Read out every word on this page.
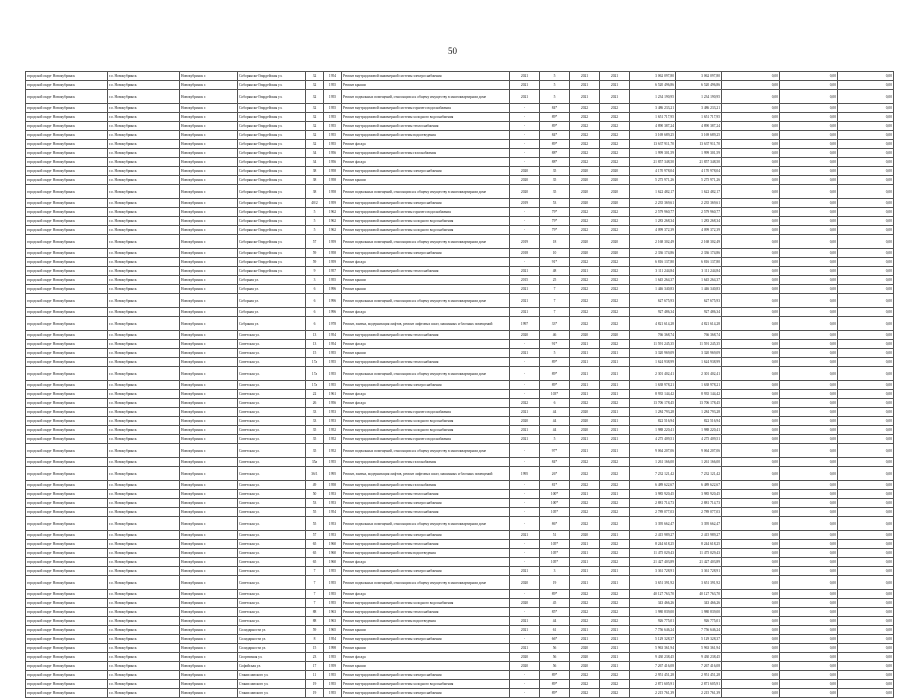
50
городской округ Новокубринск	г.о. Новокубринск	Новокубринск г.	Соборянско-Гвардейская ул.	32	1954	Ремонт внутридомовой инженерной системы электроснабжения	2021	5	2021	2021	3 062 097,80	3 062 097,80	0,00	0,00	0,00
городской округ Новокубринск	г.о. Новокубринск	Новокубринск г.	Соборянско-Гвардейская ул.	32	1955	Ремонт крыши	2021	5	2021	2021	6 520 496,86	6 520 496,86	0,00	0,00	0,00
городской округ Новокубринск	г.о. Новокубринск	Новокубринск г.	Соборянско-Гвардейская ул.	32	1955	Ремонт подвальных помещений, относящихся к общему имуществу в многоквартирном доме	2021	5	2021	2021	1 234 190,95	1 234 190,95	0,00	0,00	0,00
городской округ Новокубринск	г.о. Новокубринск	Новокубринск г.	Соборянско-Гвардейская ул.	32	1955	Ремонт внутридомовой инженерной системы горячего водоснабжения	-	84*	2022	2022	3 486 233,21	3 486 233,21	0,00	0,00	0,00
городской округ Новокубринск	г.о. Новокубринск	Новокубринск г.	Соборянско-Гвардейская ул.	32	1955	Ремонт внутридомовой инженерной системы холодного водоснабжения	-	89*	2022	2022	1 651 717,95	1 651 717,95	0,00	0,00	0,00
городской округ Новокубринск	г.о. Новокубринск	Новокубринск г.	Соборянско-Гвардейская ул.	32	1955	Ремонт внутридомовой инженерной системы теплоснабжения	-	89*	2022	2022	4 890 387,24	4 890 387,24	0,00	0,00	0,00
городской округ Новокубринск	г.о. Новокубринск	Новокубринск г.	Соборянско-Гвардейская ул.	32	1955	Ремонт внутридомовой инженерной системы водоотведения	-	84*	2022	2022	3 169 689,25	3 169 689,25	0,00	0,00	0,00
городской округ Новокубринск	г.о. Новокубринск	Новокубринск г.	Соборянско-Гвардейская ул.	32	1955	Ремонт фасада	-	89*	2022	2022	13 637 911,70	13 637 911,70	0,00	0,00	0,00
городской округ Новокубринск	г.о. Новокубринск	Новокубринск г.	Соборянско-Гвардейская ул.	34	1956	Ремонт внутридомовой инженерной системы газоснабжения	-	88*	2022	2022	1 999 301,59	1 999 301,59	0,00	0,00	0,00
городской округ Новокубринск	г.о. Новокубринск	Новокубринск г.	Соборянско-Гвардейская ул.	34	1956	Ремонт фасада	-	88*	2022	2022	21 857 348,50	21 857 348,50	0,00	0,00	0,00
городской округ Новокубринск	г.о. Новокубринск	Новокубринск г.	Соборянско-Гвардейская ул.	38	1958	Ремонт внутридомовой инженерной системы электроснабжения	2020	35	2020	2020	4 170 978,04	4 170 978,04	0,00	0,00	0,00
городской округ Новокубринск	г.о. Новокубринск	Новокубринск г.	Соборянско-Гвардейская ул.	38	1958	Ремонт крыши	2020	35	2020	2020	5 275 971,26	5 275 971,26	0,00	0,00	0,00
городской округ Новокубринск	г.о. Новокубринск	Новокубринск г.	Соборянско-Гвардейская ул.	38	1958	Ремонт подвальных помещений, относящихся к общему имуществу в многоквартирном доме	2020	35	2020	2020	1 622 482,17	1 622 482,17	0,00	0,00	0,00
городской округ Новокубринск	г.о. Новокубринск	Новокубринск г.	Соборянско-Гвардейская ул.	40/2	1959	Ремонт внутридомовой инженерной системы электроснабжения	2019	53	2020	2020	2 235 369,61	2 235 369,61	0,00	0,00	0,00
городской округ Новокубринск	г.о. Новокубринск	Новокубринск г.	Соборянско-Гвардейская ул.	5	1962	Ремонт внутридомовой инженерной системы горячего водоснабжения	-	79*	2022	2022	2 579 960,77	2 579 960,77	0,00	0,00	0,00
городской округ Новокубринск	г.о. Новокубринск	Новокубринск г.	Соборянско-Гвардейская ул.	5	1962	Ремонт внутридомовой инженерной системы холодного водоснабжения	-	79*	2022	2022	1 283 268,34	1 283 268,34	0,00	0,00	0,00
городской округ Новокубринск	г.о. Новокубринск	Новокубринск г.	Соборянско-Гвардейская ул.	5	1962	Ремонт внутридомовой инженерной системы холодного водоснабжения	-	79*	2022	2022	4 099 372,39	4 099 372,39	0,00	0,00	0,00
городской округ Новокубринск	г.о. Новокубринск	Новокубринск г.	Соборянско-Гвардейская ул.	57	1959	Ремонт подвальных помещений, относящихся к общему имуществу в многоквартирном доме	2019	18	2020	2020	2 168 302,49	2 168 302,49	0,00	0,00	0,00
городской округ Новокубринск	г.о. Новокубринск	Новокубринск г.	Соборянско-Гвардейская ул.	59	1958	Ремонт внутридомовой инженерной системы электроснабжения	2018	10	2020	2020	2 336 174,86	2 336 174,86	0,00	0,00	0,00
городской округ Новокубринск	г.о. Новокубринск	Новокубринск г.	Соборянско-Гвардейская ул.	59	1959	Ремонт фасада	-	91*	2022	2022	6 816 137,80	6 816 137,80	0,00	0,00	0,00
городской округ Новокубринск	г.о. Новокубринск	Новокубринск г.	Соборянско-Гвардейская ул.	9	1957	Ремонт внутридомовой инженерной системы теплоснабжения	2021	48	2021	2022	3 111 244,84	3 111 244,84	0,00	0,00	0,00
городской округ Новокубринск	г.о. Новокубринск	Новокубринск г.	Соборная ул.	3	1955	Ремонт крыши	2015	25	2022	2022	1 645 264,37	1 645 264,37	0,00	0,00	0,00
городской округ Новокубринск	г.о. Новокубринск	Новокубринск г.	Соборная ул.	6	1996	Ремонт крыши	2021	7	2022	2022	1 446 340,83	1 446 340,83	0,00	0,00	0,00
городской округ Новокубринск	г.о. Новокубринск	Новокубринск г.	Соборная ул.	6	1996	Ремонт подвальных помещений, относящихся к общему имуществу в многоквартирном доме	2021	7	2022	2022	627 675,93	627 675,93	0,00	0,00	0,00
городской округ Новокубринск	г.о. Новокубринск	Новокубринск г.	Соборная ул.	6	1996	Ремонт фасада	2021	7	2022	2022	927 486,34	927 486,34	0,00	0,00	0,00
городской округ Новокубринск	г.о. Новокубринск	Новокубринск г.	Собрания ул.	6	1978	Ремонт, замена, модернизация лифтов, ремонт лифтовых шахт, машинных и блочных помещений	1997	33*	2022	2022	4 821 614,28	4 821 614,28	0,00	0,00	0,00
городской округ Новокубринск	г.о. Новокубринск	Новокубринск г.	Советская ул.	13	1954	Ремонт внутридомовой инженерной системы теплоснабжения	2020	46	2020	2020	766 368,74	766 368,74	0,00	0,00	0,00
городской округ Новокубринск	г.о. Новокубринск	Новокубринск г.	Советская ул.	13	1954	Ремонт фасада	-	91*	2021	2022	11 591 245,35	11 591 245,35	0,00	0,00	0,00
городской округ Новокубринск	г.о. Новокубринск	Новокубринск г.	Советская ул.	15	1955	Ремонт крыши	2021	5	2021	2021	3 320 969,09	3 320 969,09	0,00	0,00	0,00
городской округ Новокубринск	г.о. Новокубринск	Новокубринск г.	Советская ул.	17а	1955	Ремонт внутридомовой инженерной системы теплоснабжения	-	89*	2021	2021	1 624 938,99	1 624 938,99	0,00	0,00	0,00
городской округ Новокубринск	г.о. Новокубринск	Новокубринск г.	Советская ул.	17а	1955	Ремонт подвальных помещений, относящихся к общему имуществу в многоквартирном доме	-	89*	2021	2021	2 301 402,41	2 301 402,41	0,00	0,00	0,00
городской округ Новокубринск	г.о. Новокубринск	Новокубринск г.	Советская ул.	17а	1955	Ремонт внутридомовой инженерной системы электроснабжения	-	89*	2021	2021	1 638 978,21	1 638 978,21	0,00	0,00	0,00
городской округ Новокубринск	г.о. Новокубринск	Новокубринск г.	Советская ул.	22	1961	Ремонт фасада	-	103*	2021	2021	8 935 144,42	8 935 144,42	0,00	0,00	0,00
городской округ Новокубринск	г.о. Новокубринск	Новокубринск г.	Советская ул.	26	1956	Ремонт фасада	2022	6	2022	2022	13 706 178,45	13 706 178,45	0,00	0,00	0,00
городской округ Новокубринск	г.о. Новокубринск	Новокубринск г.	Советская ул.	33	1953	Ремонт внутридомовой инженерной системы горячего водоснабжения	2021	44	2020	2021	1 284 793,28	1 284 793,28	0,00	0,00	0,00
городской округ Новокубринск	г.о. Новокубринск	Новокубринск г.	Советская ул.	33	1953	Ремонт внутридомовой инженерной системы холодного водоснабжения	2020	44	2020	2021	822 516,94	822 516,94	0,00	0,00	0,00
городской округ Новокубринск	г.о. Новокубринск	Новокубринск г.	Советская ул.	35	1952	Ремонт внутридомовой инженерной системы холодного водоснабжения	2021	44	2020	2021	1 988 220,41	1 988 220,41	0,00	0,00	0,00
городской округ Новокубринск	г.о. Новокубринск	Новокубринск г.	Советская ул.	35	1952	Ремонт внутридомовой инженерной системы горячего водоснабжения	2021	5	2021	2021	4 275 409,51	4 275 409,51	0,00	0,00	0,00
городской округ Новокубринск	г.о. Новокубринск	Новокубринск г.	Советская ул.	35	1952	Ремонт подвальных помещений, относящихся к общему имуществу в многоквартирном доме	-	97*	2021	2021	9 064 207,06	9 064 207,06	0,00	0,00	0,00
городской округ Новокубринск	г.о. Новокубринск	Новокубринск г.	Советская ул.	35а	1955	Ремонт внутридомовой инженерной системы газоснабжения	-	84*	2022	2022	1 261 166,00	1 261 166,00	0,00	0,00	0,00
городской округ Новокубринск	г.о. Новокубринск	Новокубринск г.	Советская ул.	36/1	1995	Ремонт, замена, модернизация лифтов, ремонт лифтовых шахт, машинных и блочных помещений	1995	26*	2022	2022	7 232 121,42	7 232 121,42	0,00	0,00	0,00
городской округ Новокубринск	г.о. Новокубринск	Новокубринск г.	Советская ул.	49	1958	Ремонт внутридомовой инженерной системы газоснабжения	-	81*	2022	2022	6 489 622,67	6 489 622,67	0,00	0,00	0,00
городской округ Новокубринск	г.о. Новокубринск	Новокубринск г.	Советская ул.	50	1953	Ремонт внутридомовой инженерной системы теплоснабжения	-	100*	2021	2021	3 985 920,45	3 985 920,45	0,00	0,00	0,00
городской округ Новокубринск	г.о. Новокубринск	Новокубринск г.	Советская ул.	53	1953	Ремонт внутридомовой инженерной системы электроснабжения	-	100*	2022	2022	2 881 714,73	2 881 714,73	0,00	0,00	0,00
городской округ Новокубринск	г.о. Новокубринск	Новокубринск г.	Советская ул.	55	1954	Ремонт внутридомовой инженерной системы теплоснабжения	-	105*	2022	2022	2 789 077,03	2 789 077,03	0,00	0,00	0,00
городской округ Новокубринск	г.о. Новокубринск	Новокубринск г.	Советская ул.	55	1953	Ремонт подвальных помещений, относящихся к общему имуществу в многоквартирном доме	-	86*	2022	2022	3 395 662,47	3 395 662,47	0,00	0,00	0,00
городской округ Новокубринск	г.о. Новокубринск	Новокубринск г.	Советская ул.	57	1953	Ремонт внутридомовой инженерной системы электроснабжения	2021	51	2020	2021	2 415 989,27	2 415 989,27	0,00	0,00	0,00
городской округ Новокубринск	г.о. Новокубринск	Новокубринск г.	Советская ул.	65	1960	Ремонт внутридомовой инженерной системы теплоснабжения	-	105*	2021	2022	8 244 618,25	8 244 618,25	0,00	0,00	0,00
городской округ Новокубринск	г.о. Новокубринск	Новокубринск г.	Советская ул.	65	1960	Ремонт внутридомовой инженерной системы водоотведения	-	105*	2021	2022	11 475 029,43	11 475 029,43	0,00	0,00	0,00
городской округ Новокубринск	г.о. Новокубринск	Новокубринск г.	Советская ул.	65	1960	Ремонт фасада	-	105*	2021	2022	21 427 403,89	21 427 403,89	0,00	0,00	0,00
городской округ Новокубринск	г.о. Новокубринск	Новокубринск г.	Советская ул.	7	1955	Ремонт внутридомовой инженерной системы электроснабжения	2021	3	2021	2021	3 361 728,91	3 361 728,91	0,00	0,00	0,00
городской округ Новокубринск	г.о. Новокубринск	Новокубринск г.	Советская ул.	7	1955	Ремонт подвальных помещений, относящихся к общему имуществу в многоквартирном доме	2020	19	2021	2021	3 651 391,92	3 651 391,92	0,00	0,00	0,00
городской округ Новокубринск	г.о. Новокубринск	Новокубринск г.	Советская ул.	7	1955	Ремонт фасада	-	89*	2022	2022	40 127 763,70	40 127 763,70	0,00	0,00	0,00
городской округ Новокубринск	г.о. Новокубринск	Новокубринск г.	Советская ул.	7	1955	Ремонт внутридомовой инженерной системы холодного водоснабжения	2020	45	2022	2022	343 466,26	343 466,26	0,00	0,00	0,00
городской округ Новокубринск	г.о. Новокубринск	Новокубринск г.	Советская ул.	88	1963	Ремонт внутридомовой инженерной системы теплоснабжения	-	85*	2022	2022	1 980 839,00	1 980 839,00	0,00	0,00	0,00
городской округ Новокубринск	г.о. Новокубринск	Новокубринск г.	Советская ул.	88	1963	Ремонт внутридомовой инженерной системы водоотведения	2021	44	2022	2022	926 775,01	926 775,01	0,00	0,00	0,00
городской округ Новокубринск	г.о. Новокубринск	Новокубринск г.	Солидарности ул.	59	1965	Ремонт крыши	2021	61	2021	2021	7 756 646,24	7 756 646,24	0,00	0,00	0,00
городской округ Новокубринск	г.о. Новокубринск	Новокубринск г.	Солидарности ул.	8	1954	Ремонт внутридомовой инженерной системы электроснабжения	-	66*	2021	2021	5 129 328,37	5 129 328,37	0,00	0,00	0,00
городской округ Новокубринск	г.о. Новокубринск	Новокубринск г.	Солидарности ул.	15	1998	Ремонт крыши	2021	56	2020	2021	5 963 361,94	5 963 361,94	0,00	0,00	0,00
городской округ Новокубринск	г.о. Новокубринск	Новокубринск г.	Спортивная ул.	23	1955	Ремонт фасада	2020	56	2020	2021	9 430 238,45	9 430 238,45	0,00	0,00	0,00
городской округ Новокубринск	г.о. Новокубринск	Новокубринск г.	Софийская ул.	17	1959	Ремонт крыши	2020	56	2020	2021	7 267 416,08	7 267 416,08	0,00	0,00	0,00
городской округ Новокубринск	г.о. Новокубринск	Новокубринск г.	Станиславского ул.	11	1955	Ремонт внутридомовой инженерной системы электроснабжения	-	89*	2022	2022	2 951 451,28	2 951 451,28	0,00	0,00	0,00
городской округ Новокубринск	г.о. Новокубринск	Новокубринск г.	Станиславского ул.	19	1955	Ремонт внутридомовой инженерной системы холодного водоснабжения	-	89*	2022	2022	2 871 605,91	2 871 605,91	0,00	0,00	0,00
городской округ Новокубринск	г.о. Новокубринск	Новокубринск г.	Станиславского ул.	19	1955	Ремонт внутридомовой инженерной системы электроснабжения	-	89*	2022	2022	2 215 761,39	2 215 761,39	0,00	0,00	0,00
